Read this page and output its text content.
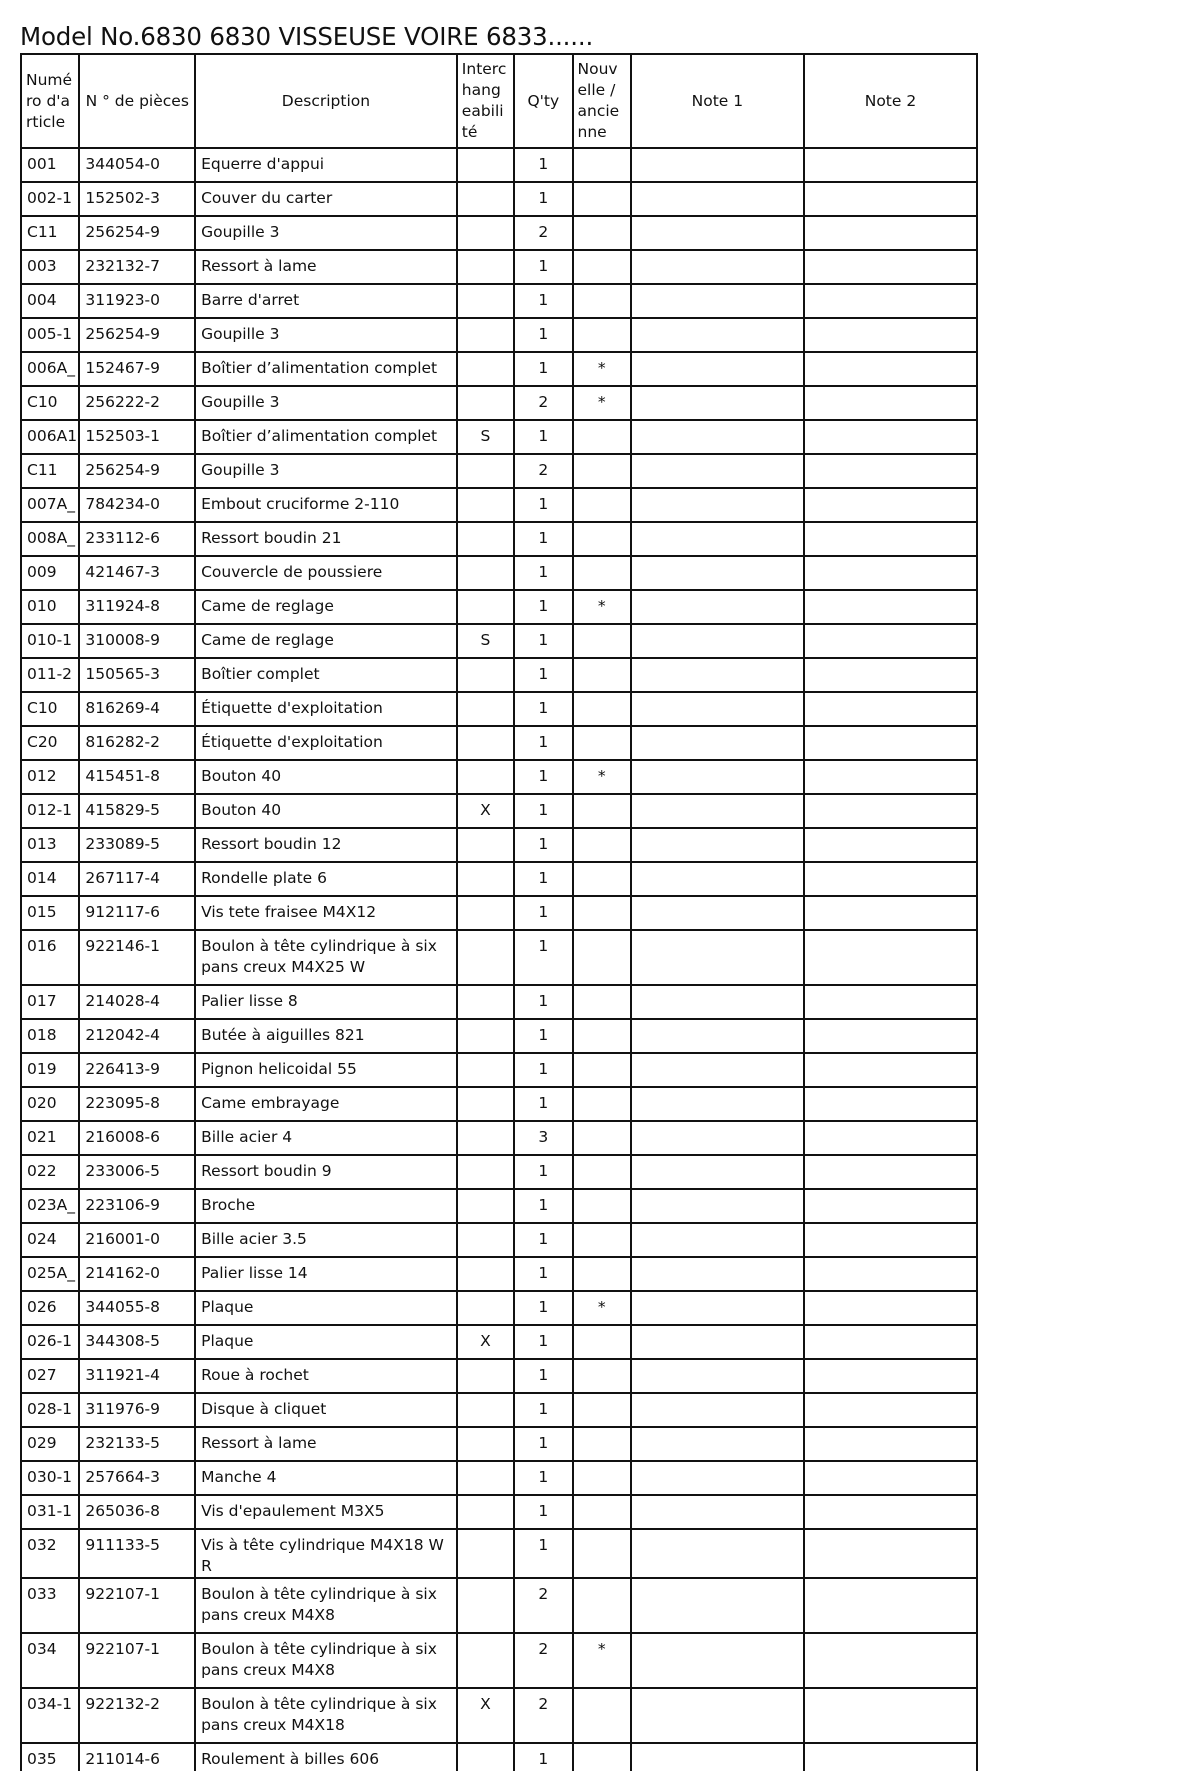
Model No.6830 6830 VISSEUSE VOIRE 6833......
Numéro d'article	N ° de pièces	Description	Interchangeabilité	Q'ty	Nouvelle / ancienne	Note 1	Note 2
001	344054-0	Equerre d'appui		1			
002-1	152502-3	Couver du carter		1			
C11	256254-9	Goupille 3		2			
003	232132-7	Ressort à lame		1			
004	311923-0	Barre d'arret		1			
005-1	256254-9	Goupille 3		1			
006A_	152467-9	Boîtier d’alimentation complet		1	*		
C10	256222-2	Goupille 3		2	*		
006A1	152503-1	Boîtier d’alimentation complet	S	1			
C11	256254-9	Goupille 3		2			
007A_	784234-0	Embout cruciforme 2-110		1			
008A_	233112-6	Ressort boudin 21		1			
009	421467-3	Couvercle de poussiere		1			
010	311924-8	Came de reglage		1	*		
010-1	310008-9	Came de reglage	S	1			
011-2	150565-3	Boîtier complet		1			
C10	816269-4	Étiquette d'exploitation		1			
C20	816282-2	Étiquette d'exploitation		1			
012	415451-8	Bouton 40		1	*		
012-1	415829-5	Bouton 40	X	1			
013	233089-5	Ressort boudin 12		1			
014	267117-4	Rondelle plate 6		1			
015	912117-6	Vis tete fraisee M4X12		1			
016	922146-1	Boulon à tête cylindrique à six pans creux M4X25 W		1			
017	214028-4	Palier lisse 8		1			
018	212042-4	Butée à aiguilles 821		1			
019	226413-9	Pignon helicoidal 55		1			
020	223095-8	Came embrayage		1			
021	216008-6	Bille acier 4		3			
022	233006-5	Ressort boudin 9		1			
023A_	223106-9	Broche		1			
024	216001-0	Bille acier 3.5		1			
025A_	214162-0	Palier lisse 14		1			
026	344055-8	Plaque		1	*		
026-1	344308-5	Plaque	X	1			
027	311921-4	Roue à rochet		1			
028-1	311976-9	Disque à cliquet		1			
029	232133-5	Ressort à lame		1			
030-1	257664-3	Manche 4		1			
031-1	265036-8	Vis d'epaulement M3X5		1			
032	911133-5	Vis à tête cylindrique M4X18 WR		1			
033	922107-1	Boulon à tête cylindrique à six pans creux M4X8		2			
034	922107-1	Boulon à tête cylindrique à six pans creux M4X8		2	*		
034-1	922132-2	Boulon à tête cylindrique à six pans creux M4X18	X	2			
035	211014-6	Roulement à billes 606		1			
